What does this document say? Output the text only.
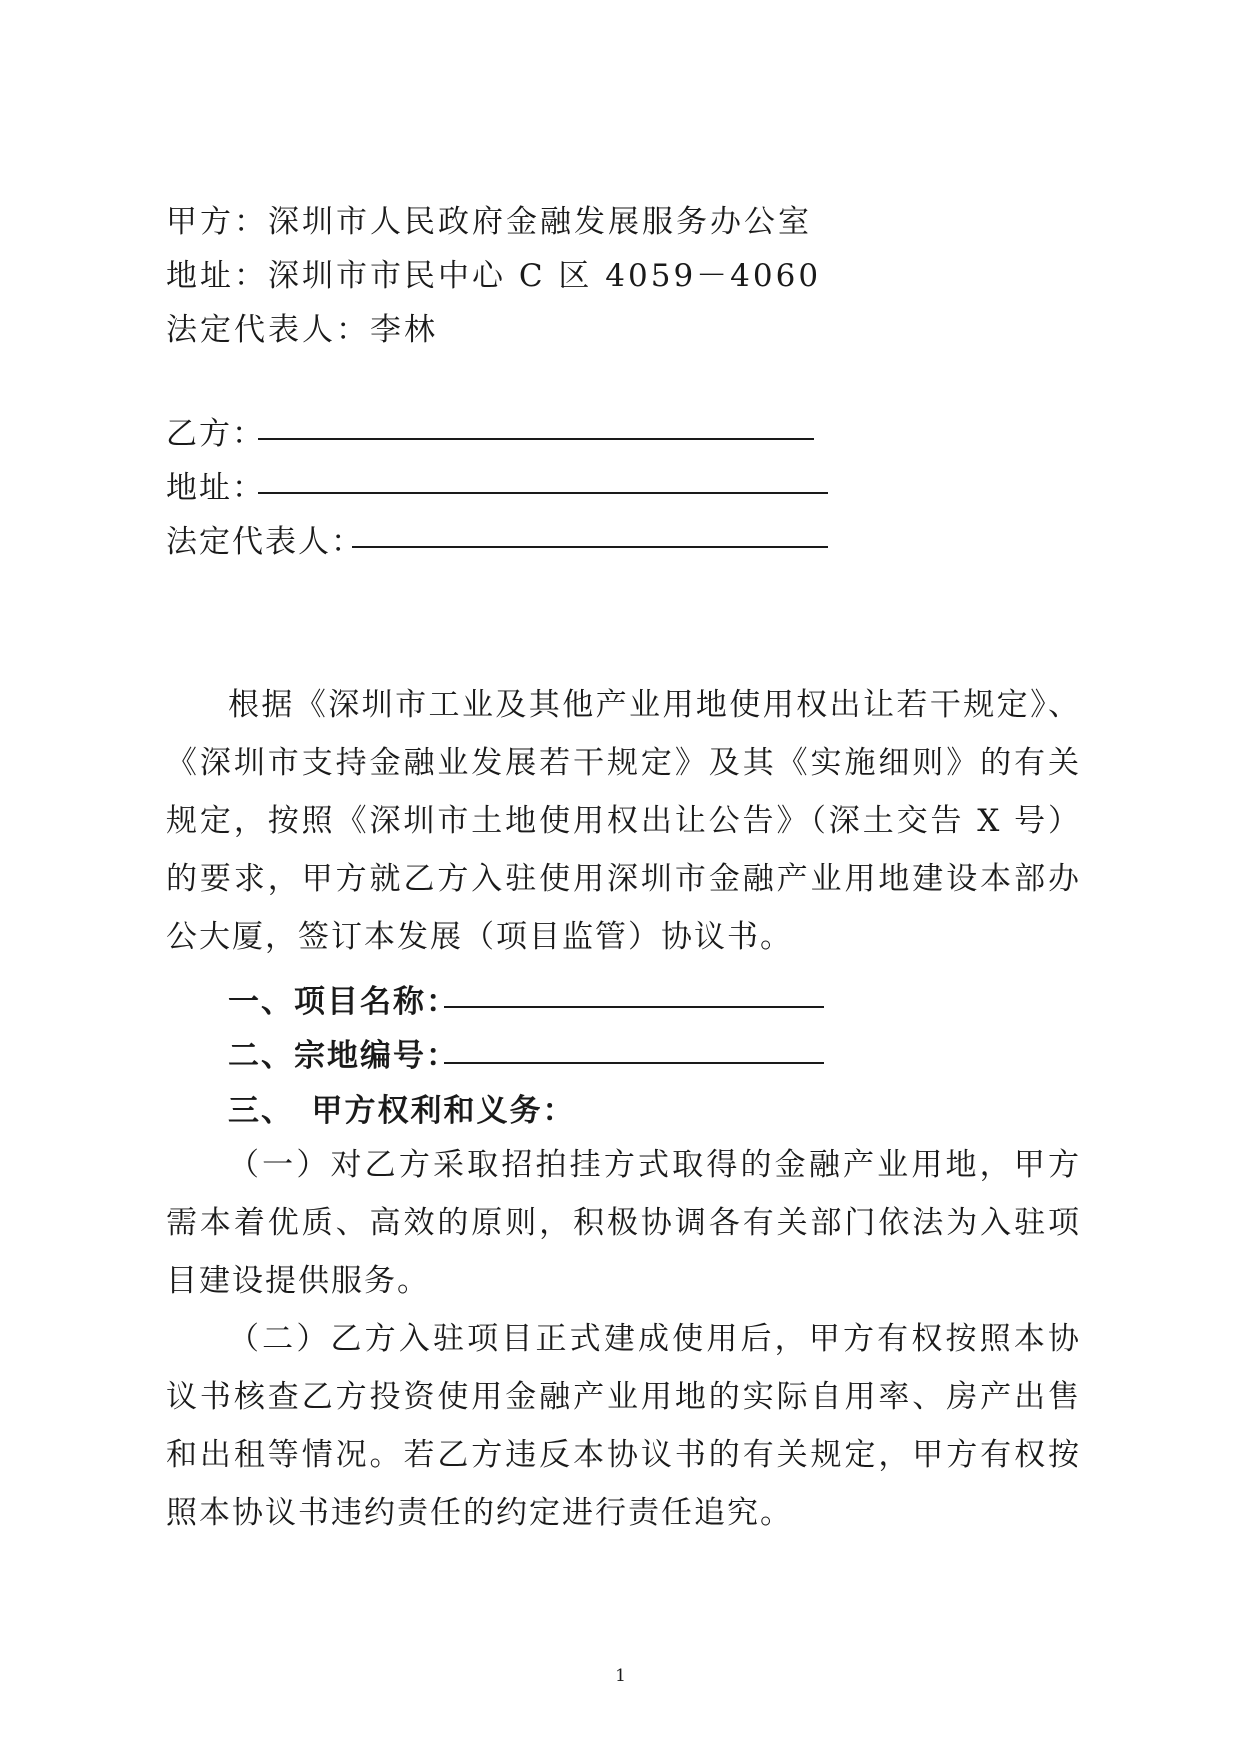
甲方：深圳市人民政府金融发展服务办公室
地址：深圳市市民中心 C 区 4059－4060
法定代表人：李林
乙方：
地址：
法定代表人：
根据《深圳市工业及其他产业用地使用权出让若干规定》、《深圳市支持金融业发展若干规定》及其《实施细则》的有关规定，按照《深圳市土地使用权出让公告》（深土交告 X 号）的要求，甲方就乙方入驻使用深圳市金融产业用地建设本部办公大厦，签订本发展（项目监管）协议书。
一、项目名称：
二、宗地编号：
三、　甲方权利和义务：
（一）对乙方采取招拍挂方式取得的金融产业用地，甲方需本着优质、高效的原则，积极协调各有关部门依法为入驻项目建设提供服务。
（二）乙方入驻项目正式建成使用后，甲方有权按照本协议书核查乙方投资使用金融产业用地的实际自用率、房产出售和出租等情况。若乙方违反本协议书的有关规定，甲方有权按照本协议书违约责任的约定进行责任追究。
1
